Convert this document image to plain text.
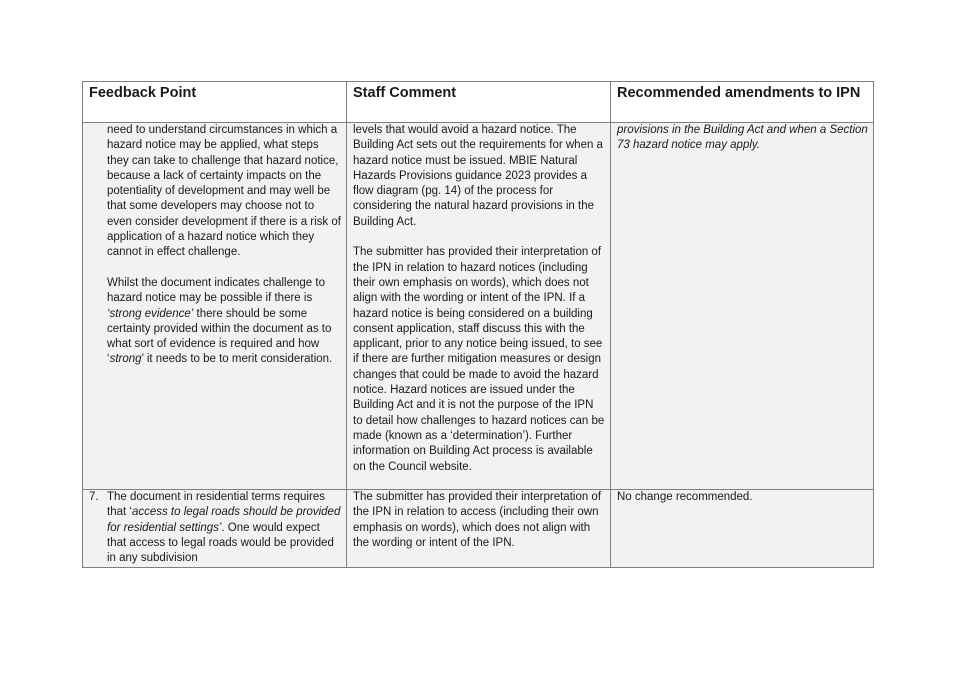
Feedback Point	Staff Comment	Recommended amendments to IPN

need to understand circumstances in which a hazard notice may be applied, what steps they can take to challenge that hazard notice, because a lack of certainty impacts on the potentiality of development and may well be that some developers may choose not to even consider development if there is a risk of application of a hazard notice which they cannot in effect challenge.

Whilst the document indicates challenge to hazard notice may be possible if there is ‘strong evidence’ there should be some certainty provided within the document as to what sort of evidence is required and how ‘strong’ it needs to be to merit consideration.

levels that would avoid a hazard notice. The Building Act sets out the requirements for when a hazard notice must be issued. MBIE Natural Hazards Provisions guidance 2023 provides a flow diagram (pg. 14) of the process for considering the natural hazard provisions in the Building Act.

The submitter has provided their interpretation of the IPN in relation to hazard notices (including their own emphasis on words), which does not align with the wording or intent of the IPN. If a hazard notice is being considered on a building consent application, staff discuss this with the applicant, prior to any notice being issued, to see if there are further mitigation measures or design changes that could be made to avoid the hazard notice. Hazard notices are issued under the Building Act and it is not the purpose of the IPN to detail how challenges to hazard notices can be made (known as a ‘determination’). Further information on Building Act process is available on the Council website.

provisions in the Building Act and when a Section 73 hazard notice may apply.

7. The document in residential terms requires that ‘access to legal roads should be provided for residential settings’. One would expect that access to legal roads would be provided in any subdivision

The submitter has provided their interpretation of the IPN in relation to access (including their own emphasis on words), which does not align with the wording or intent of the IPN.

No change recommended.
